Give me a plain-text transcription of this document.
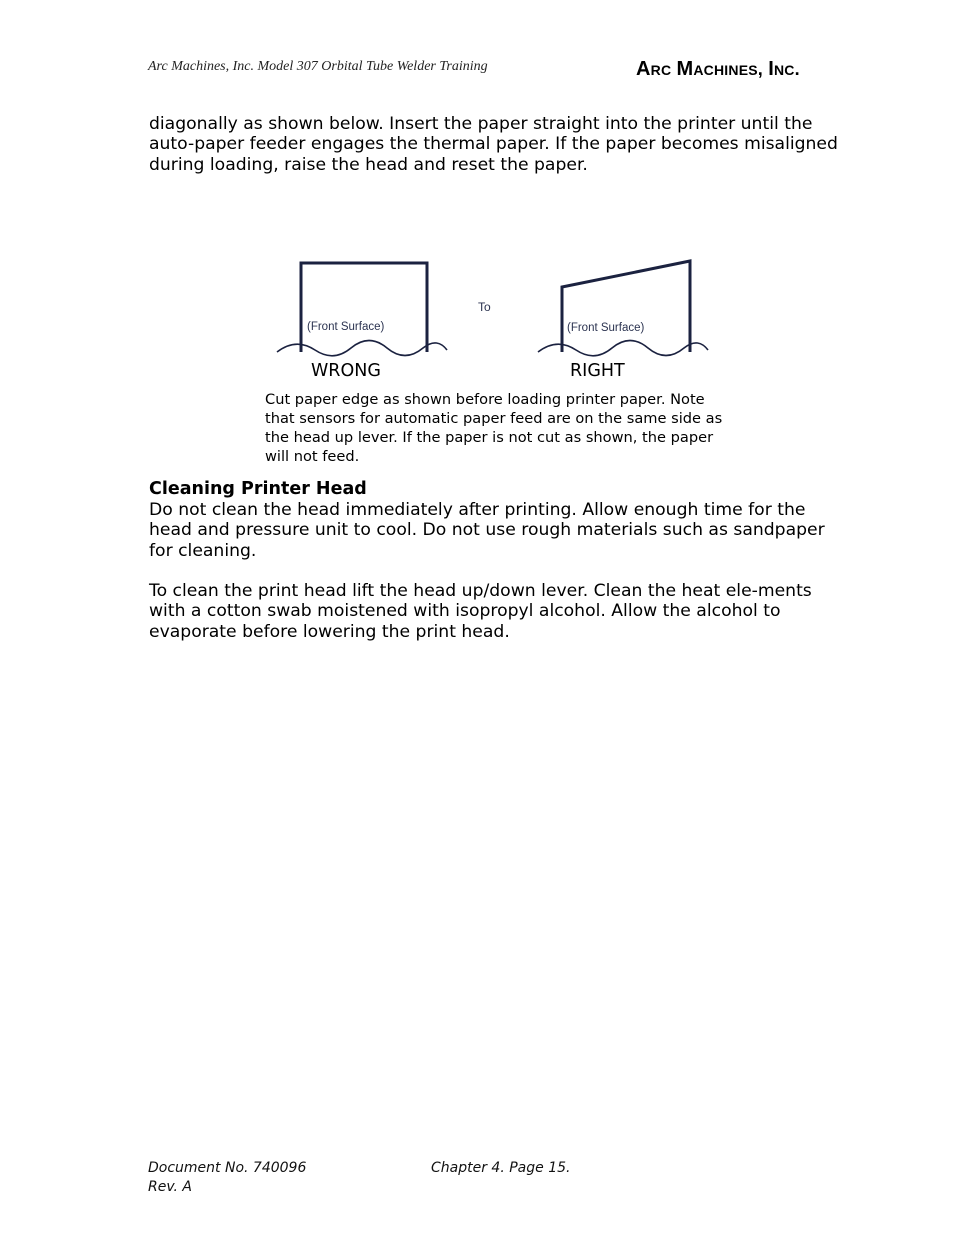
Arc Machines, Inc. Model 307 Orbital Tube Welder Training	ARC MACHINES, INC.

diagonally as shown below. Insert the paper straight into the printer until the auto-paper feeder engages the thermal paper. If the paper becomes misaligned during loading, raise the head and reset the paper.

(Front Surface)
To
(Front Surface)
WRONG	RIGHT

Cut paper edge as shown before loading printer paper. Note that sensors for automatic paper feed are on the same side as the head up lever. If the paper is not cut as shown, the paper will not feed.

Cleaning Printer Head

Do not clean the head immediately after printing. Allow enough time for the head and pressure unit to cool. Do not use rough materials such as sandpaper for cleaning.

To clean the print head lift the head up/down lever. Clean the heat ele-ments with a cotton swab moistened with isopropyl alcohol. Allow the alcohol to evaporate before lowering the print head.

Document No. 740096
Rev. A
Chapter 4. Page 15.
